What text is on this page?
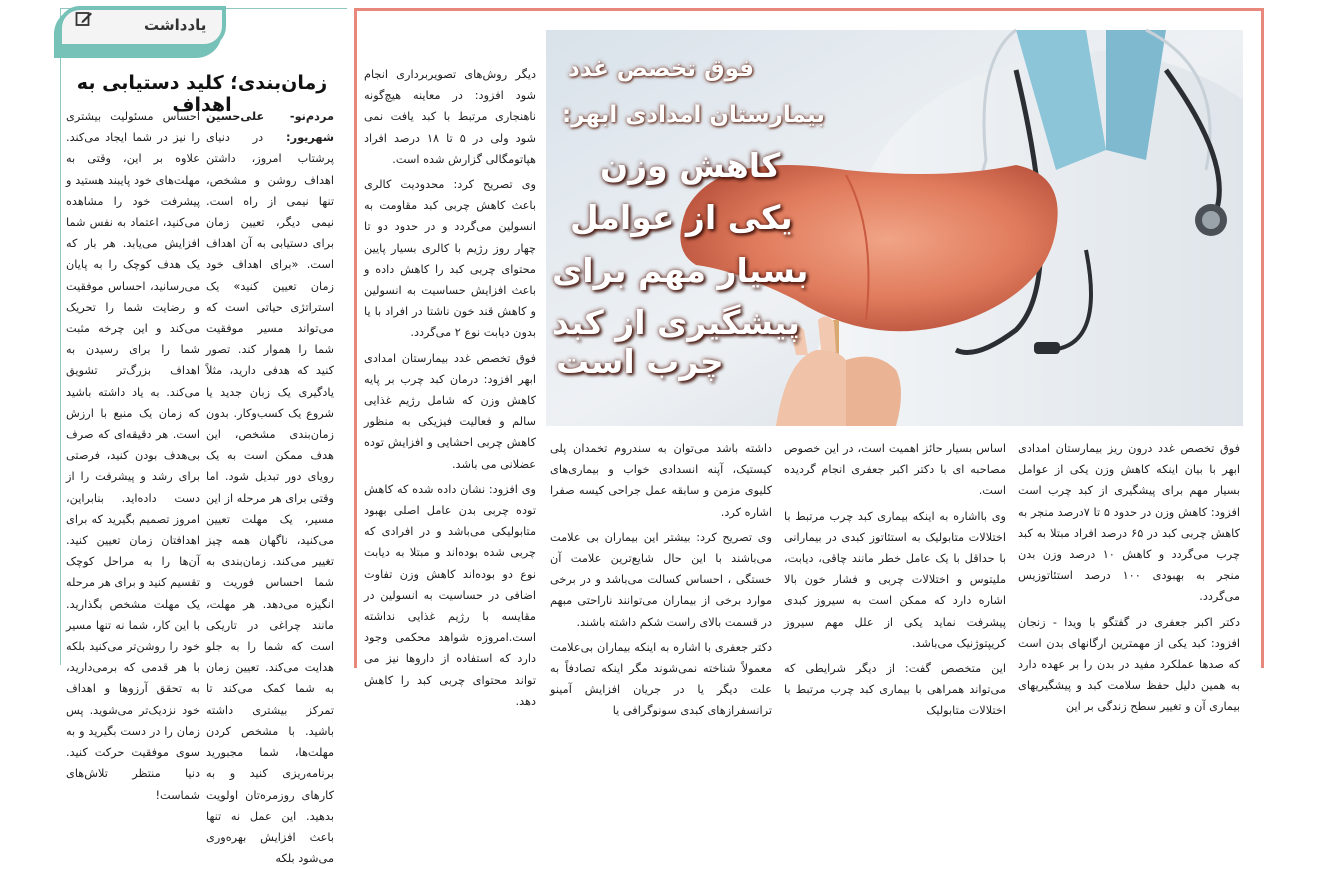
یادداشت
زمان‌بندی؛ کلید دستیابی به اهداف

مردم‌نو- علی‌حسین شهریور: در دنیای پرشتاب امروز، داشتن اهداف روشن و مشخص، تنها نیمی از راه است. نیمی دیگر، تعیین زمان برای دستیابی به آن اهداف است. «برای اهداف خود زمان تعیین کنید» یک استراتژی حیاتی است که می‌تواند مسیر موفقیت شما را هموار کند. تصور کنید که هدفی دارید، مثلاً یادگیری یک زبان جدید یا شروع یک کسب‌وکار. بدون زمان‌بندی مشخص، این هدف ممکن است به یک رویای دور تبدیل شود. اما وقتی برای هر مرحله از این مسیر، یک مهلت تعیین می‌کنید، ناگهان همه چیز تغییر می‌کند. زمان‌بندی به شما احساس فوریت و انگیزه می‌دهد. هر مهلت، مانند چراغی در تاریکی است که شما را به جلو هدایت می‌کند. تعیین زمان به شما کمک می‌کند تا تمرکز بیشتری داشته باشید. با مشخص کردن مهلت‌ها، شما مجبورید برنامه‌ریزی کنید و به کارهای روزمره‌تان اولویت بدهید. این عمل نه تنها باعث افزایش بهره‌وری می‌شود بلکه

احساس مسئولیت بیشتری را نیز در شما ایجاد می‌کند. علاوه بر این، وقتی به مهلت‌های خود پایبند هستید و پیشرفت خود را مشاهده می‌کنید، اعتماد به نفس شما افزایش می‌یابد. هر بار که یک هدف کوچک را به پایان می‌رسانید، احساس موفقیت و رضایت شما را تحریک می‌کند و این چرخه مثبت شما را برای رسیدن به اهداف بزرگ‌تر تشویق می‌کند. به یاد داشته باشید که زمان یک منبع با ارزش است. هر دقیقه‌ای که صرف بی‌هدف بودن کنید، فرصتی برای رشد و پیشرفت را از دست داده‌اید. بنابراین، امروز تصمیم بگیرید که برای اهدافتان زمان تعیین کنید. آن‌ها را به مراحل کوچک تقسیم کنید و برای هر مرحله یک مهلت مشخص بگذارید. با این کار، شما نه تنها مسیر خود را روشن‌تر می‌کنید بلکه با هر قدمی که برمی‌دارید، به تحقق آرزوها و اهداف خود نزدیک‌تر می‌شوید. پس زمان را در دست بگیرید و به سوی موفقیت حرکت کنید. دنیا منتظر تلاش‌های شماست!

دیگر روش‌های تصویربرداری انجام شود افزود: در معاینه هیچ‌گونه ناهنجاری مرتبط با کبد یافت نمی شود ولی در ۵ تا ۱۸ درصد افراد هپاتومگالی گزارش شده است.

وی تصریح کرد: محدودیت کالری باعث کاهش چربی کبد مقاومت به انسولین می‌گردد و در حدود دو تا چهار روز رژیم با کالری بسیار پایین محتوای چربی کبد را کاهش داده و باعث افزایش حساسیت به انسولین و کاهش قند خون ناشتا در افراد با یا بدون دیابت نوع ۲ می‌گردد.

فوق تخصص غدد بیمارستان امدادی ابهر افزود: درمان کبد چرب بر پایه کاهش وزن که شامل رژیم غذایی سالم و فعالیت فیزیکی به منظور کاهش چربی احشایی و افزایش توده عضلانی می باشد.

وی افزود: نشان داده شده که کاهش توده چربی بدن عامل اصلی بهبود متابولیکی می‌باشد و در افرادی که چربی شده بوده‌اند و مبتلا به دیابت نوع دو بوده‌اند کاهش وزن تفاوت اضافی در حساسیت به انسولین در مقایسه با رژیم غذایی نداشته است.امروزه شواهد محکمی وجود دارد که استفاده از داروها نیز می تواند محتوای چربی کبد را کاهش دهد.

فوق تخصص غدد
بیمارستان امدادی ابهر:
کاهش وزن
یکی از عوامل
بسیار مهم برای
پیشگیری از کبد
چرب است

فوق تخصص غدد درون ریز بیمارستان امدادی ابهر با بیان اینکه کاهش وزن یکی از عوامل بسیار مهم برای پیشگیری از کبد چرب است افزود: کاهش وزن در حدود ۵ تا ۷درصد منجر به کاهش چربی کبد در ۶۵ درصد افراد مبتلا به کبد چرب می‌گردد و کاهش ۱۰ درصد وزن بدن منجر به بهبودی ۱۰۰ درصد استئاتوزیس می‌گردد.

دکتر اکبر جعفری در گفتگو با ویدا - زنجان افزود: کبد یکی از مهمترین ارگانهای بدن است که صدها عملکرد مفید در بدن را بر عهده دارد به همین دلیل حفظ سلامت کبد و پیشگیریهای بیماری آن و تغییر سطح زندگی بر این

اساس بسیار حائز اهمیت است، در این خصوص مصاحبه ای با دکتر اکبر جعفری انجام گردیده است.

وی بااشاره به اینکه بیماری کبد چرب مرتبط با اختلالات متابولیک به استئاتوز کبدی در بیمارانی با حداقل با یک عامل خطر مانند چاقی، دیابت، ملیتوس و اختلالات چربی و فشار خون بالا اشاره دارد که ممکن است به سیروز کبدی پیشرفت نماید یکی از علل مهم سیروز کریپتوژنیک می‌باشد.

این متخصص گفت: از دیگر شرایطی که می‌تواند همراهی با بیماری کبد چرب مرتبط با اختلالات متابولیک

داشته باشد می‌توان به سندروم تخمدان پلی کیستیک، آپنه انسدادی خواب و بیماری‌های کلیوی مزمن و سابقه عمل جراحی کیسه صفرا اشاره کرد.

وی تصریح کرد: بیشتر این بیماران بی علامت می‌باشند با این حال شایع‌ترین علامت آن خستگی ، احساس کسالت می‌باشد و در برخی موارد برخی از بیماران می‌توانند ناراحتی مبهم در قسمت بالای راست شکم داشته باشند.

دکتر جعفری با اشاره به اینکه بیماران بی‌علامت معمولاً شناخته نمی‌شوند مگر اینکه تصادفاً به علت دیگر یا در جریان افزایش آمینو ترانسفرازهای کبدی سونوگرافی یا
